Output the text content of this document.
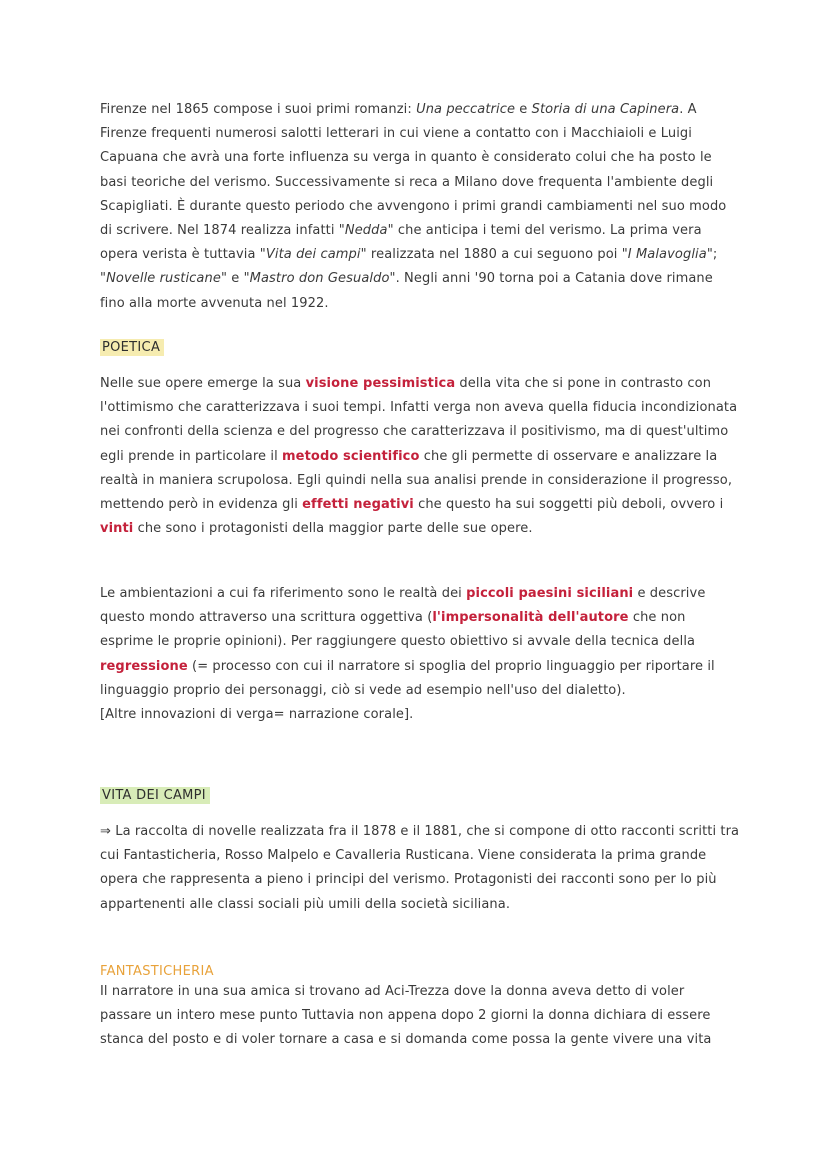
Firenze nel 1865 compose i suoi primi romanzi: Una peccatrice e Storia di una Capinera. A Firenze frequenti numerosi salotti letterari in cui viene a contatto con i Macchiaioli e Luigi Capuana che avrà una forte influenza su verga in quanto è considerato colui che ha posto le basi teoriche del verismo. Successivamente si reca a Milano dove frequenta l'ambiente degli Scapigliati. È durante questo periodo che avvengono i primi grandi cambiamenti nel suo modo di scrivere. Nel 1874 realizza infatti "Nedda" che anticipa i temi del verismo. La prima vera opera verista è tuttavia "Vita dei campi" realizzata nel 1880 a cui seguono poi "I Malavoglia"; "Novelle rusticane" e "Mastro don Gesualdo". Negli anni '90 torna poi a Catania dove rimane fino alla morte avvenuta nel 1922.
POETICA
Nelle sue opere emerge la sua visione pessimistica della vita che si pone in contrasto con l'ottimismo che caratterizzava i suoi tempi. Infatti verga non aveva quella fiducia incondizionata nei confronti della scienza e del progresso che caratterizzava il positivismo, ma di quest'ultimo egli prende in particolare il metodo scientifico che gli permette di osservare e analizzare la realtà in maniera scrupolosa. Egli quindi nella sua analisi prende in considerazione il progresso, mettendo però in evidenza gli effetti negativi che questo ha sui soggetti più deboli, ovvero i vinti che sono i protagonisti della maggior parte delle sue opere.
Le ambientazioni a cui fa riferimento sono le realtà dei piccoli paesini siciliani e descrive questo mondo attraverso una scrittura oggettiva (l'impersonalità dell'autore che non esprime le proprie opinioni). Per raggiungere questo obiettivo si avvale della tecnica della regressione (= processo con cui il narratore si spoglia del proprio linguaggio per riportare il linguaggio proprio dei personaggi, ciò si vede ad esempio nell'uso del dialetto).
[Altre innovazioni di verga= narrazione corale].
VITA DEI CAMPI
⇒ La raccolta di novelle realizzata fra il 1878 e il 1881, che si compone di otto racconti scritti tra cui Fantasticheria, Rosso Malpelo e Cavalleria Rusticana. Viene considerata la prima grande opera che rappresenta a pieno i principi del verismo. Protagonisti dei racconti sono per lo più appartenenti alle classi sociali più umili della società siciliana.
FANTASTICHERIA
Il narratore in una sua amica si trovano ad Aci-Trezza dove la donna aveva detto di voler passare un intero mese punto Tuttavia non appena dopo 2 giorni la donna dichiara di essere stanca del posto e di voler tornare a casa e si domanda come possa la gente vivere una vita
